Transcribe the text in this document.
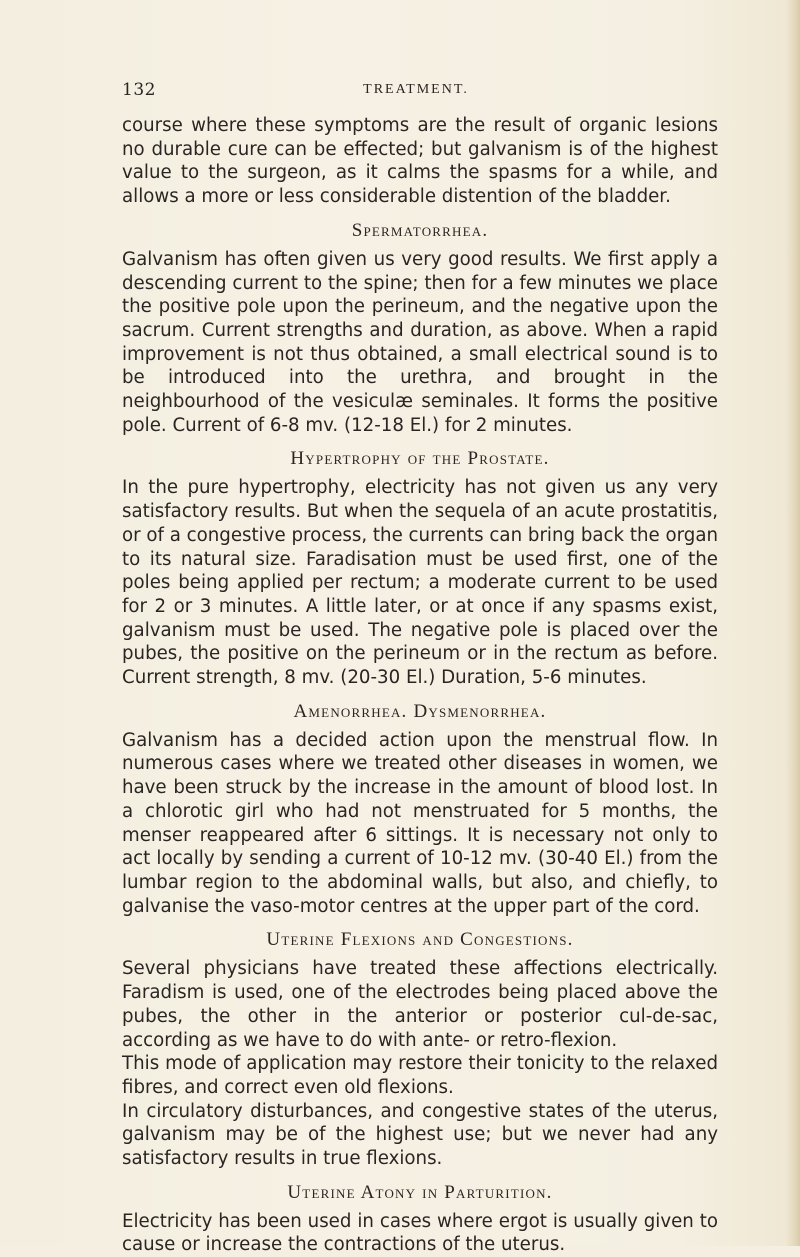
132	TREATMENT.

course where these symptoms are the result of organic lesions no durable cure can be effected; but galvanism is of the highest value to the surgeon, as it calms the spasms for a while, and allows a more or less considerable distention of the bladder.

Spermatorrhea.

Galvanism has often given us very good results. We first apply a descending current to the spine; then for a few minutes we place the positive pole upon the perineum, and the negative upon the sacrum. Current strengths and duration, as above. When a rapid improvement is not thus obtained, a small electrical sound is to be introduced into the urethra, and brought in the neighbourhood of the vesiculæ seminales. It forms the positive pole. Current of 6-8 mv. (12-18 El.) for 2 minutes.

Hypertrophy of the Prostate.

In the pure hypertrophy, electricity has not given us any very satisfactory results. But when the sequela of an acute prostatitis, or of a congestive process, the currents can bring back the organ to its natural size. Faradisation must be used first, one of the poles being applied per rectum; a moderate current to be used for 2 or 3 minutes. A little later, or at once if any spasms exist, galvanism must be used. The negative pole is placed over the pubes, the positive on the perineum or in the rectum as before. Current strength, 8 mv. (20-30 El.) Duration, 5-6 minutes.

Amenorrhea. Dysmenorrhea.

Galvanism has a decided action upon the menstrual flow. In numerous cases where we treated other diseases in women, we have been struck by the increase in the amount of blood lost. In a chlorotic girl who had not menstruated for 5 months, the menser reappeared after 6 sittings. It is necessary not only to act locally by sending a current of 10-12 mv. (30-40 El.) from the lumbar region to the abdominal walls, but also, and chiefly, to galvanise the vaso-motor centres at the upper part of the cord.

Uterine Flexions and Congestions.

Several physicians have treated these affections electrically. Faradism is used, one of the electrodes being placed above the pubes, the other in the anterior or posterior cul-de-sac, according as we have to do with ante- or retro-flexion.

This mode of application may restore their tonicity to the relaxed fibres, and correct even old flexions.

In circulatory disturbances, and congestive states of the uterus, galvanism may be of the highest use; but we never had any satisfactory results in true flexions.

Uterine Atony in Parturition.

Electricity has been used in cases where ergot is usually given to cause or increase the contractions of the uterus.
